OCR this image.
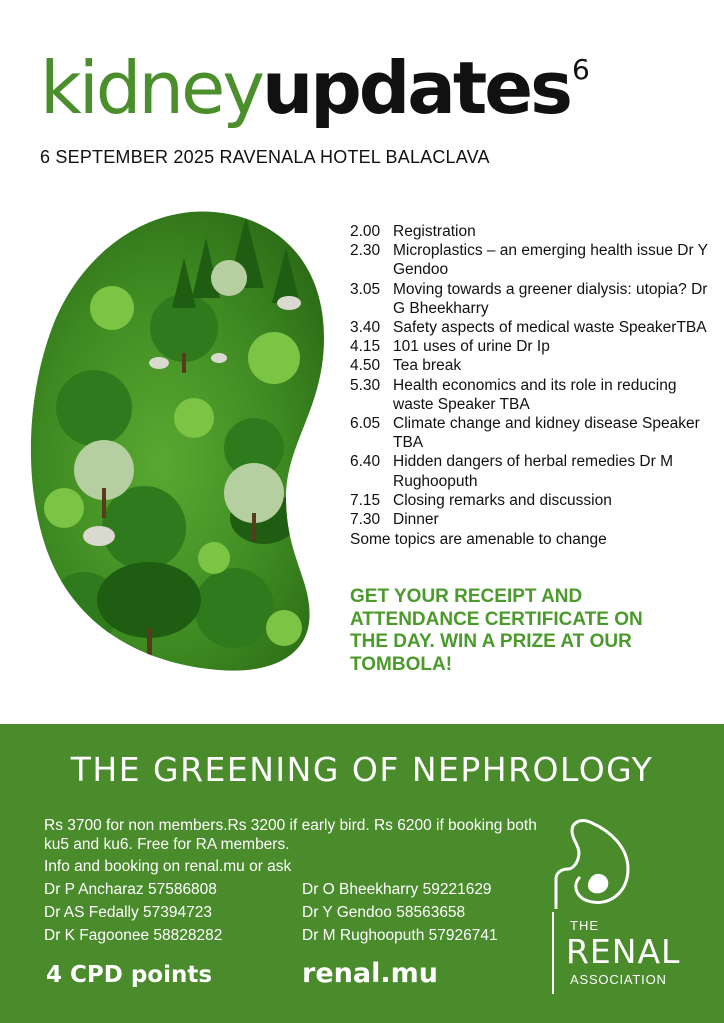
kidneyupdates6
6 SEPTEMBER 2025 RAVENALA HOTEL BALACLAVA
2.00 Registration
2.30 Microplastics – an emerging health issue Dr Y Gendoo
3.05 Moving towards a greener dialysis: utopia? Dr G Bheekharry
3.40 Safety aspects of medical waste SpeakerTBA
4.15 101 uses of urine Dr Ip
4.50 Tea break
5.30 Health economics and its role in reducing waste Speaker TBA
6.05 Climate change and kidney disease Speaker TBA
6.40 Hidden dangers of herbal remedies Dr M Rughooputh
7.15 Closing remarks and discussion
7.30 Dinner
Some topics are amenable to change
GET YOUR RECEIPT AND ATTENDANCE CERTIFICATE ON THE DAY. WIN A PRIZE AT OUR TOMBOLA!
THE GREENING OF NEPHROLOGY
Rs 3700 for non members.Rs 3200 if early bird. Rs 6200 if booking both ku5 and ku6. Free for RA members.
Info and booking on renal.mu or ask
Dr P Ancharaz 57586808	Dr O Bheekharry 59221629
Dr AS Fedally 57394723	Dr Y Gendoo 58563658
Dr K Fagoonee 58828282	Dr M Rughooputh 57926741
4 CPD points	renal.mu
THE
RENAL
ASSOCIATION
